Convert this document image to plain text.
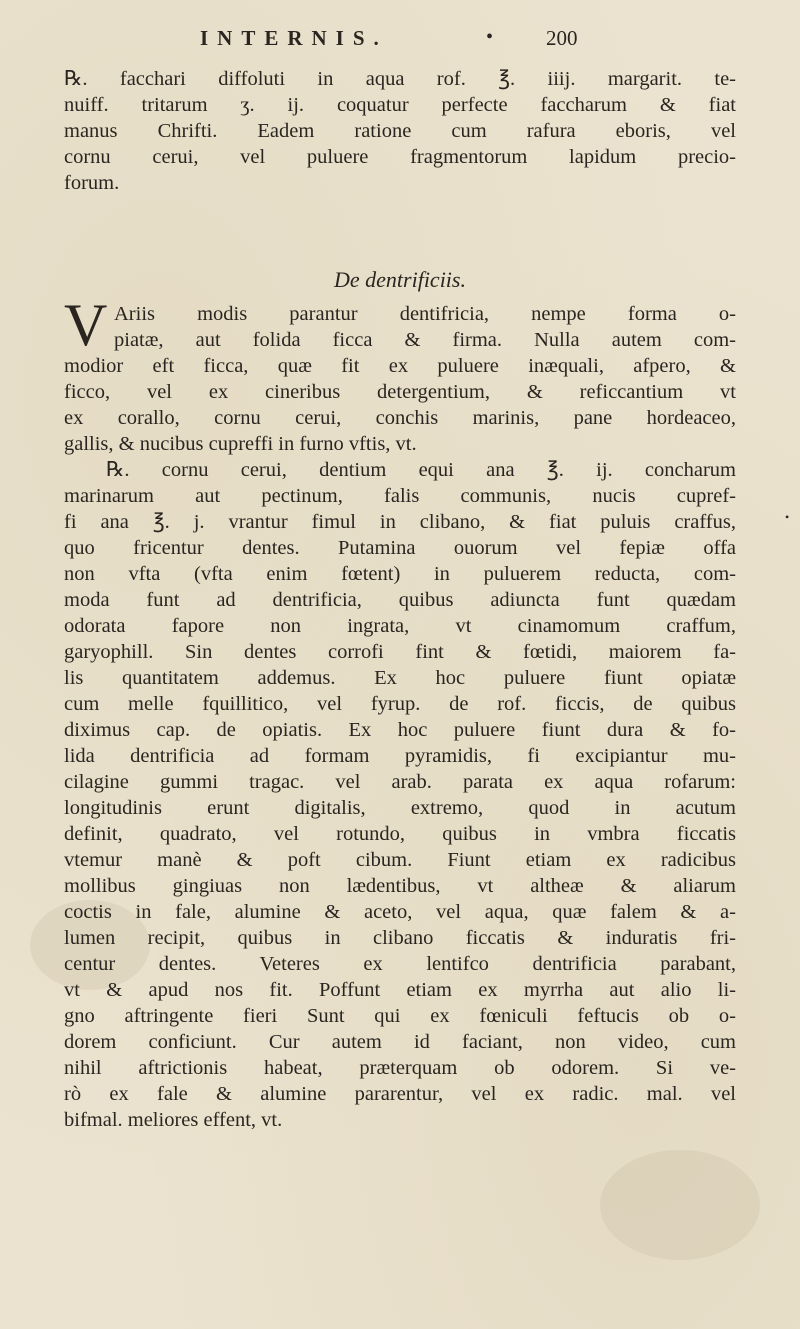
INTERNIS.	•	200
℞. facchari diffoluti in aqua rof. ℥. iiij. margarit. te-
nuiff. tritarum ʒ. ij. coquatur perfecte faccharum & fiat
manus Chrifti. Eadem ratione cum rafura eboris, vel
cornu cerui, vel puluere fragmentorum lapidum precio-
forum.
De dentrificiis.
V Ariis modis parantur dentifricia, nempe forma o-
piatæ, aut folida ficca & firma. Nulla autem com-
modior eft ficca, quæ fit ex puluere inæquali, afpero, &
ficco, vel ex cineribus detergentium, & reficcantium vt
ex corallo, cornu cerui, conchis marinis, pane hordeaceo,
gallis, & nucibus cupreffi in furno vftis, vt.
℞. cornu cerui, dentium equi ana ℥. ij. concharum
marinarum aut pectinum, falis communis, nucis cupref-
fi ana ℥. j. vrantur fimul in clibano, & fiat puluis craffus,
quo fricentur dentes. Putamina ouorum vel fepiæ offa
non vfta (vfta enim fœtent) in puluerem reducta, com-
moda funt ad dentrificia, quibus adiuncta funt quædam
odorata fapore non ingrata, vt cinamomum craffum,
garyophill. Sin dentes corrofi fint & fœtidi, maiorem fa-
lis quantitatem addemus. Ex hoc puluere fiunt opiatæ
cum melle fquillitico, vel fyrup. de rof. ficcis, de quibus
diximus cap. de opiatis. Ex hoc puluere fiunt dura & fo-
lida dentrificia ad formam pyramidis, fi excipiantur mu-
cilagine gummi tragac. vel arab. parata ex aqua rofarum:
longitudinis erunt digitalis, extremo, quod in acutum
definit, quadrato, vel rotundo, quibus in vmbra ficcatis
vtemur manè & poft cibum. Fiunt etiam ex radicibus
mollibus gingiuas non lædentibus, vt altheæ & aliarum
coctis in fale, alumine & aceto, vel aqua, quæ falem & a-
lumen recipit, quibus in clibano ficcatis & induratis fri-
centur dentes. Veteres ex lentifco dentrificia parabant,
vt & apud nos fit. Poffunt etiam ex myrrha aut alio li-
gno aftringente fieri Sunt qui ex fœniculi feftucis ob o-
dorem conficiunt. Cur autem id faciant, non video, cum
nihil aftrictionis habeat, præterquam ob odorem. Si ve-
rò ex fale & alumine pararentur, vel ex radic. mal. vel
bifmal. meliores effent, vt.
•
